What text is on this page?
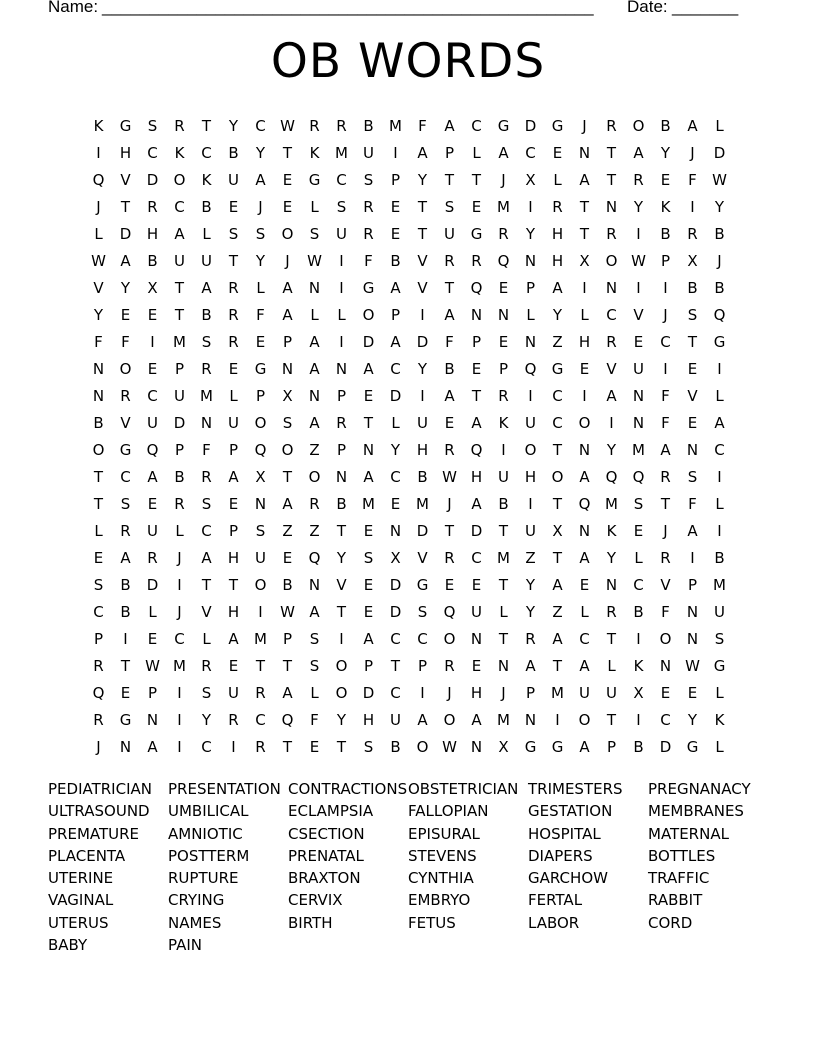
Name: ____________________________________________________ Date: _______
OB WORDS
K	G	S	R	T	Y	C W R	R	B	M	F	A	C	G	D	G	J	R	O	B	A	L
I	H	C	K	C	B	Y	T	K	M	U	I	A	P	L	A	C	E	N	T	A	Y	J	D
Q	V	D	O	K	U	A	E	G	C	S	P	Y	T	T	J	X	L	A	T	R	E	F	W
J	T	R	C	B	E	J	E	L	S	R	E	T	S	E	M	I	R	T	N	Y	K	I	Y
L	D	H	A	L	S	S	O	S	U	R	E	T	U	G	R	Y	H	T	R	I	B	R	B
W A	B	U	U	T	Y	J	W	I	F	B	V	R	R	Q	N	H	X	O W	P	X	J
V	Y	X	T	A	R	L	A	N	I	G	A	V	T	Q	E	P	A	I	N	I	I	B	B
Y	E	E	T	B	R	F	A	L	L	O	P	I	A	N	N	L	Y	L	C	V	J	S	Q
F	F	I	M	S	R	E	P	A	I	D	A	D	F	P	E	N	Z	H	R	E	C	T	G
N	O	E	P	R	E	G	N	A	N	A	C	Y	B	E	P	Q	G	E	V	U	I	E	I
N	R	C	U	M	L	P	X	N	P	E	D	I	A	T	R	I	C	I	A	N	F	V	L
B	V	U	D	N	U	O	S	A	R	T	L	U	E	A	K	U	C	O	I	N	F	E	A
O	G	Q	P	F	P	Q	O	Z	P	N	Y	H	R	Q	I	O	T	N	Y	M	A	N	C
T	C	A	B	R	A	X	T	O	N	A	C	B W H	U	H	O	A	Q	Q	R	S	I
T	S	E	R	S	E	N	A	R	B	M	E	M	J	A	B	I	T	Q M	S	T	F	L
L	R	U	L	C	P	S	Z	Z	T	E	N	D	T	D	T	U	X	N	K	E	J	A	I
E	A	R	J	A	H	U	E	Q	Y	S	X	V	R	C	M	Z	T	A	Y	L	R	I	B
S	B	D	I	T	T	O	B	N	V	E	D	G	E	E	T	Y	A	E	N	C	V	P	M
C	B	L	J	V	H	I	W A	T	E	D	S	Q	U	L	Y	Z	L	R	B	F	N	U
P	I	E	C	L	A	M	P	S	I	A	C	C	O	N	T	R	A	C	T	I	O	N	S
R	T	W M	R	E	T	T	S	O	P	T	P	R	E	N	A	T	A	L	K	N W G
Q	E	P	I	S	U	R	A	L	O	D	C	I	J	H	J	P	M	U	U	X	E	E	L
R	G	N	I	Y	R	C	Q	F	Y	H	U	A	O	A	M N	I	O	T	I	C	Y	K
J	N	A	I	C	I	R	T	E	T	S	B	O W N	X	G	G	A	P	B	D	G	L
PEDIATRICIAN	PRESENTATION CONTRACTIONS OBSTETRICIAN TRIMESTERS	PREGNANACY
ULTRASOUND	UMBILICAL	ECLAMPSIA	FALLOPIAN	GESTATION	MEMBRANES
PREMATURE	AMNIOTIC	CSECTION	EPISURAL	HOSPITAL	MATERNAL
PLACENTA	POSTTERM	PRENATAL	STEVENS	DIAPERS	BOTTLES
UTERINE	RUPTURE	BRAXTON	CYNTHIA	GARCHOW	TRAFFIC
VAGINAL	CRYING	CERVIX	EMBRYO	FERTAL	RABBIT
UTERUS	NAMES	BIRTH	FETUS	LABOR	CORD
BABY	PAIN
